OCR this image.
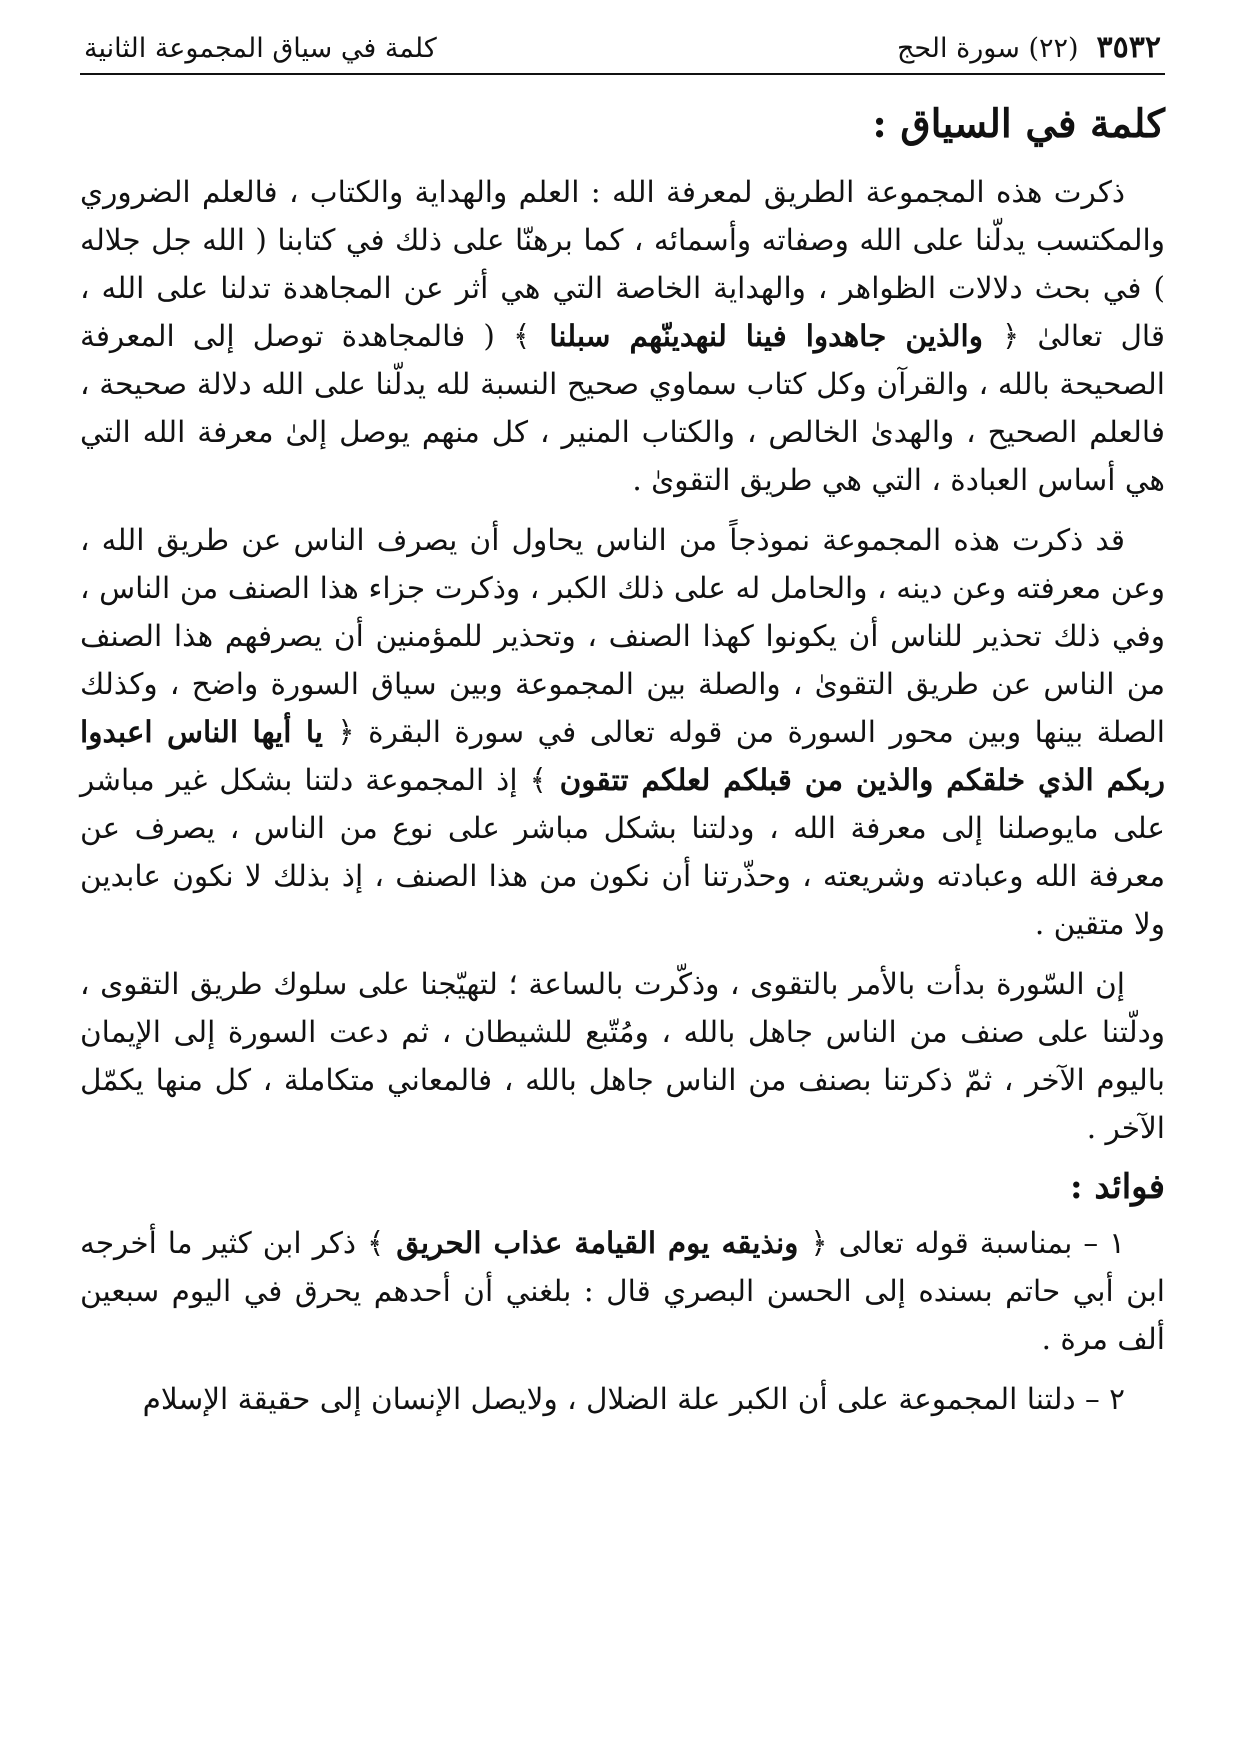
٣٥٣٢
(٢٢) سورة الحج
كلمة في سياق المجموعة الثانية
كلمة في السياق :

ذكرت هذه المجموعة الطريق لمعرفة الله : العلم والهداية والكتاب ، فالعلم الضروري والمكتسب يدلّنا على الله وصفاته وأسمائه ، كما برهنّا على ذلك في كتابنا ( الله جل جلاله ) في بحث دلالات الظواهر ، والهداية الخاصة التي هي أثر عن المجاهدة تدلنا على الله ، قال تعالىٰ ﴿ والذين جاهدوا فينا لنهدينّهم سبلنا ﴾ ( فالمجاهدة توصل إلى المعرفة الصحيحة بالله ، والقرآن وكل كتاب سماوي صحيح النسبة لله يدلّنا على الله دلالة صحيحة ، فالعلم الصحيح ، والهدىٰ الخالص ، والكتاب المنير ، كل منهم يوصل إلىٰ معرفة الله التي هي أساس العبادة ، التي هي طريق التقوىٰ .

قد ذكرت هذه المجموعة نموذجاً من الناس يحاول أن يصرف الناس عن طريق الله ، وعن معرفته وعن دينه ، والحامل له على ذلك الكبر ، وذكرت جزاء هذا الصنف من الناس ، وفي ذلك تحذير للناس أن يكونوا كهذا الصنف ، وتحذير للمؤمنين أن يصرفهم هذا الصنف من الناس عن طريق التقوىٰ ، والصلة بين المجموعة وبين سياق السورة واضح ، وكذلك الصلة بينها وبين محور السورة من قوله تعالى في سورة البقرة ﴿ يا أيها الناس اعبدوا ربكم الذي خلقكم والذين من قبلكم لعلكم تتقون ﴾ إذ المجموعة دلتنا بشكل غير مباشر على مايوصلنا إلى معرفة الله ، ودلتنا بشكل مباشر على نوع من الناس ، يصرف عن معرفة الله وعبادته وشريعته ، وحذّرتنا أن نكون من هذا الصنف ، إذ بذلك لا نكون عابدين ولا متقين .

إن السّورة بدأت بالأمر بالتقوى ، وذكّرت بالساعة ؛ لتهيّجنا على سلوك طريق التقوى ، ودلّتنا على صنف من الناس جاهل بالله ، ومُتّبع للشيطان ، ثم دعت السورة إلى الإيمان باليوم الآخر ، ثمّ ذكرتنا بصنف من الناس جاهل بالله ، فالمعاني متكاملة ، كل منها يكمّل الآخر .

فوائد :

١ – بمناسبة قوله تعالى ﴿ ونذيقه يوم القيامة عذاب الحريق ﴾ ذكر ابن كثير ما أخرجه ابن أبي حاتم بسنده إلى الحسن البصري قال : بلغني أن أحدهم يحرق في اليوم سبعين ألف مرة .

٢ – دلتنا المجموعة على أن الكبر علة الضلال ، ولايصل الإنسان إلى حقيقة الإسلام
